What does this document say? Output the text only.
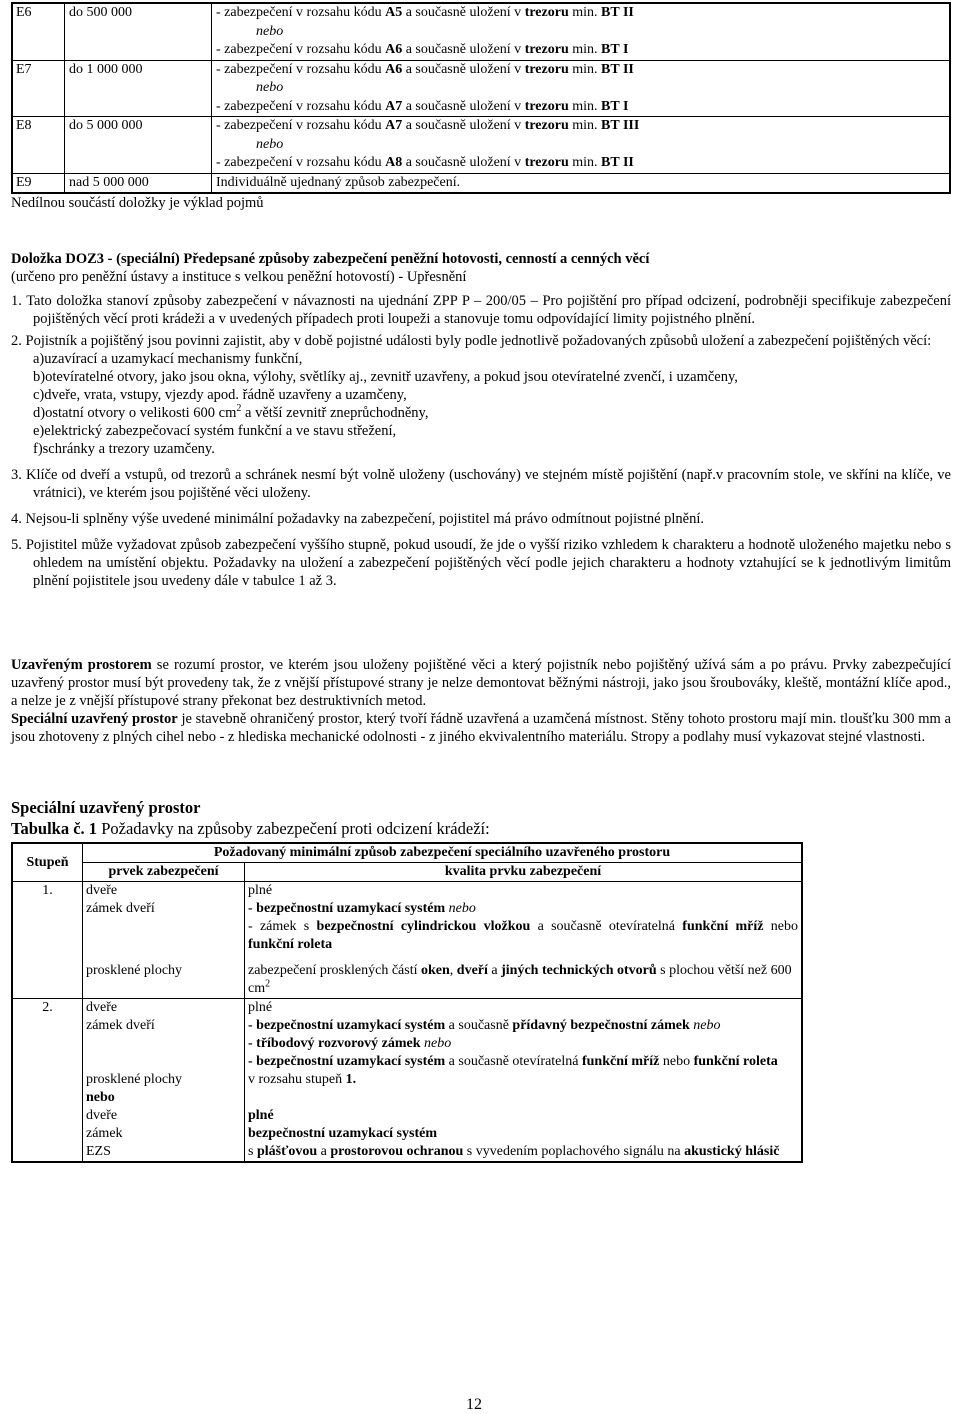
E6	do 500 000	- zabezpečení v rozsahu kódu A5 a současně uložení v trezoru min. BT II
nebo
- zabezpečení v rozsahu kódu A6 a současně uložení v trezoru min. BT I

E7	do 1 000 000	- zabezpečení v rozsahu kódu A6 a současně uložení v trezoru min. BT II
nebo
- zabezpečení v rozsahu kódu A7 a současně uložení v trezoru min. BT I

E8	do 5 000 000	- zabezpečení v rozsahu kódu A7 a současně uložení v trezoru min. BT III
nebo
- zabezpečení v rozsahu kódu A8 a současně uložení v trezoru min. BT II

E9	nad 5 000 000	Individuálně ujednaný způsob zabezpečení.

Nedílnou součástí doložky je výklad pojmů

Doložka DOZ3 - (speciální) Předepsané způsoby zabezpečení peněžní hotovosti, cenností a cenných věcí

(určeno pro peněžní ústavy a instituce s velkou peněžní hotovostí) - Upřesnění

1. Tato doložka stanoví způsoby zabezpečení v návaznosti na ujednání ZPP P – 200/05 – Pro pojištění pro případ odcizení, podrobněji specifikuje zabezpečení pojištěných věcí proti krádeži a v uvedených případech proti loupeži a stanovuje tomu odpovídající limity pojistného plnění.

2. Pojistník a pojištěný jsou povinni zajistit, aby v době pojistné události byly podle jednotlivě požadovaných způsobů uložení a zabezpečení pojištěných věcí:

a)uzavírací a uzamykací mechanismy funkční,

b)otevíratelné otvory, jako jsou okna, výlohy, světlíky aj., zevnitř uzavřeny, a pokud jsou otevíratelné zvenčí, i uzamčeny,

c)dveře, vrata, vstupy, vjezdy apod. řádně uzavřeny a uzamčeny,

d)ostatní otvory o velikosti 600 $cm^2$ a větší zevnitř zneprůchodněny,

e)elektrický zabezpečovací systém funkční a ve stavu střežení,

f)schránky a trezory uzamčeny.

3. Klíče od dveří a vstupů, od trezorů a schránek nesmí být volně uloženy (uschovány) ve stejném místě pojištění (např.v pracovním stole, ve skříni na klíče, ve vrátnici), ve kterém jsou pojištěné věci uloženy.

4. Nejsou-li splněny výše uvedené minimální požadavky na zabezpečení, pojistitel má právo odmítnout pojistné plnění.

5. Pojistitel může vyžadovat způsob zabezpečení vyššího stupně, pokud usoudí, že jde o vyšší riziko vzhledem k charakteru a hodnotě uloženého majetku nebo s ohledem na umístění objektu. Požadavky na uložení a zabezpečení pojištěných věcí podle jejich charakteru a hodnoty vztahující se k jednotlivým limitům plnění pojistitele jsou uvedeny dále v tabulce 1 až 3.

Uzavřeným prostorem se rozumí prostor, ve kterém jsou uloženy pojištěné věci a který pojistník nebo pojištěný užívá sám a po právu. Prvky zabezpečující uzavřený prostor musí být provedeny tak, že z vnější přístupové strany je nelze demontovat běžnými nástroji, jako jsou šroubováky, kleště, montážní klíče apod., a nelze je z vnější přístupové strany překonat bez destruktivních metod.

Speciální uzavřený prostor je stavebně ohraničený prostor, který tvoří řádně uzavřená a uzamčená místnost. Stěny tohoto prostoru mají min. tloušťku 300 mm a jsou zhotoveny z plných cihel nebo - z hlediska mechanické odolnosti - z jiného ekvivalentního materiálu. Stropy a podlahy musí vykazovat stejné vlastnosti.

Speciální uzavřený prostor

Tabulka č. 1 Požadavky na způsoby zabezpečení proti odcizení krádeží:

Stupeň	Požadovaný minimální způsob zabezpečení speciálního uzavřeného prostoru	
	prvek zabezpečení	kvalita prvku zabezpečení
1.	dveře	plné
	zámek dveří	- bezpečnostní uzamykací systém nebo
- zámek s bezpečnostní cylindrickou vložkou a současně otevíratelná funkční mříž nebo funkční roleta

	prosklené plochy	zabezpečení prosklených částí oken, dveří a jiných technických otvorů s plochou větší než 600 $cm^2$
2.	dveře	plné
	zámek dveří	- bezpečnostní uzamykací systém a současně přídavný bezpečnostní zámek nebo
- tříbodový rozvorový zámek nebo
- bezpečnostní uzamykací systém a současně otevíratelná funkční mříž nebo funkční roleta

	prosklené plochy	v rozsahu stupeň 1.
	nebo	
	dveře	plné
	zámek	bezpečnostní uzamykací systém
	EZS	s plášťovou a prostorovou ochranou s vyvedením poplachového signálu na akustický hlásič
12
